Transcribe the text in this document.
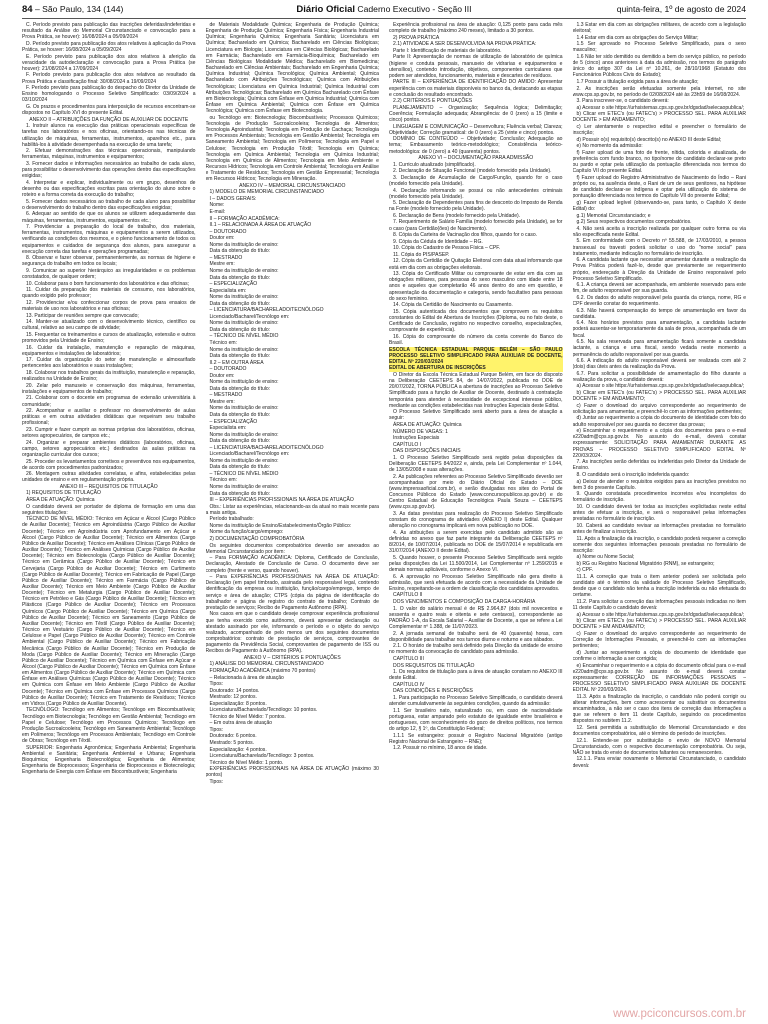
84 – São Paulo, 134 (144)	Diário Oficial Caderno Executivo - Seção III	quinta-feira, 1º de agosto de 2024

C. Período previsto para publicação das inscrições deferidas/indeferidas e resultado da Análise do Memorial Circunstanciado e convocação para a Prova Prática, se houver): 16/08/2024 a 05/09/2024

D. Período previsto para publicação dos atos relativos à aplicação da Prova Prática, se houver: 16/08/2024 a 05/09/2024

E. Período previsto para publicação dos atos relativos à aferição da veracidade da autodeclaração e convocação para a Prova Prática (se houver): 21/08/2024 a 17/09/2024

F. Período previsto para publicação dos atos relativos ao resultado da Prova Prática e classificação final: 30/08/2024 a 19/09/2024

F. Período previsto para publicação do despacho do Diretor da Unidade de Ensino homologando o Processo Seletivo Simplificado: 03/09/2024 a 03/10/2024

G. Os prazos e procedimentos para interposição de recursos encontram-se dispostos no Capítulo XVI do presente Edital.

ANEXO II – ATRIBUIÇÕES DA FUNÇÃO DE AUXILIAR DE DOCENTE

1. Instruir alunos na execução das práticas operacionais específicas de tarefas nos laboratórios e nos oficinas, orientando-os nas técnicas de utilização de máquinas, ferramentas, instrumentos, aparelhos etc., para habilitá-los à atividade desempenhada na execução de uma tarefa;

2. Efetuar demonstrações das técnicas operacionais, manipulando ferramentas, máquinas, instrumentos e equipamentos;

3. Fornecer dados e informações necessários ao trabalho de cada aluno, para possibilitar o desenvolvimento das operações dentro das especificações exigidas;

4. Interpretar e explicar, individualmente ou em grupo, desenhos de desenho ou das especificações escritas para orientação do aluno sobre o roteiro e a forma correta da execução do trabalho;

5. Fornecer dados necessários ao trabalho de cada aluno para possibilitar o desenvolvimento do trabalho dentro das especificações exigidas;

6. Adequar ao sentido de que os alunos se utilizem adequadamente das máquinas, ferramentas, instrumentos, equipamentos etc.;

7. Providenciar a preparação do local de trabalho, dos materiais, ferramentas, instrumentos, máquinas e equipamentos a serem utilizados, verificando as condições dos mesmos, e o pleno funcionamento de todos os equipamentos e cuidados de segurança dos alunos, para assegurar a execução correta das tarefas e operações programadas;

8. Observar e fazer observar, permanentemente, as normas de higiene e segurança do trabalho em todos os locais;

9. Comunicar ao superior hierárquico as irregularidades e os problemas constatados, de qualquer ordem;

10. Colaborar para o bom funcionamento dos laboratórios e das oficinas;

11. Cuidar da preparação dos materiais de consumo, nos laboratórios, quando exigido pelo professor;

12. Providenciar e/ou confeccionar corpos de prova para ensaios de materiais de uso nos laboratórios e nas oficinas;

13. Participar de reuniões sempre que convocado;

14. Manter-se atualizado com o desenvolvimento técnico, científico ou cultural, relativo ao seu campo de atividade;

15. Frequentar os treinamentos e cursos de atualização, extensão e outros promovidos pela Unidade de Ensino;

16. Cuidar da instalação, manutenção e reparação de máquinas, equipamentos e instalações de laboratórios;

17. Cuidar da organização do setor de manutenção e almoxarifado pertencentes aos laboratórios e suas instalações;

18. Colaborar nos trabalhos gerais da instituição, manutenção e reparação, realizados na Unidade de Ensino;

20. Zelar pelo manuseio e conservação dos máquinas, ferramentas, instalações e equipamentos de trabalho;

21. Colaborar com o docente em programas de extensão universitária à comunidade;

22. Acompanhar e auxiliar o professor no desenvolvimento de aulas práticas e em outras atividades didáticas que requeiram seu trabalho profissional;

23. Cumprir e fazer cumprir as normas próprias dos laboratórios, oficinas, setores agropecuários, de campos etc.;

24. Organizar e preparar ambientes didáticos (laboratórios, oficinas, campo, setores agropecuários etc.) destinados às aulas práticas na organização curricular dos cursos;

25. Proceder os levantamentos corretivos e preventivos nos equipamentos, de acordo com procedimentos padronizados;

26. Montagem outras atividades correlatas, e afins, estabelecidas pelas unidades de ensino e em regulamentação própria.

ANEXO III – REQUISITOS DE TITULAÇÃO

1) REQUISITOS DE TITULAÇÃO

ÁREA DE ATUAÇÃO: Química

O candidato deverá ser portador de diploma de formação em uma das seguintes titulações:

TÉCNICO DE NÍVEL MÉDIO: Técnico em Açúcar e Álcool (Cargo Público de Auxiliar Docente); Técnico em Agroindústria (Cargo Público de Auxiliar Docente); Técnico em Agroindústria com Aprofundamento em Açúcar e Álcool (Cargo Público de Auxiliar Docente); Técnico em Alimentos (Cargo Público de Auxiliar Docente); Técnico em Análises Clínicas (Cargo Público de Auxiliar Docente); Técnico em Análises Químicas (Cargo Público de Auxiliar Docente); Técnico em Biotecnologia (Cargo Público de Auxiliar Docente); Técnico em Cerâmica (Cargo Público de Auxiliar Docente); Técnico em Cervejaria (Cargo Público de Auxiliar Docente); Técnico em Curtimento (Cargo Público de Auxiliar Docente); Técnico em Fabricação de Papel (Cargo Público de Auxiliar Docente); Técnico em Farmácia (Cargo Público de Auxiliar Docente); Técnico em Meio Ambiente (Cargo Público de Auxiliar Docente); Técnico em Metalurgia (Cargo Público de Auxiliar Docente); Técnico em Petróleo e Gás (Cargo Público de Auxiliar Docente); Técnico em Plásticos (Cargo Público de Auxiliar Docente); Técnico em Processos Químicos (Cargo Público de Auxiliar Docente); Técnico em Química (Cargo Público de Auxiliar Docente); Técnico em Saneamento (Cargo Público de Auxiliar Docente); Técnico em Têxtil (Cargo Público de Auxiliar Docente); Técnico em Vestuário (Cargo Público de Auxiliar Docente); Técnico em Celulose e Papel (Cargo Público de Auxiliar Docente); Técnico em Controle Ambiental (Cargo Público de Auxiliar Docente); Técnico em Fabricação Mecânica (Cargo Público de Auxiliar Docente); Técnico em Produção de Moda (Cargo Público de Auxiliar Docente); Técnico em Mineração (Cargo Público de Auxiliar Docente); Técnico em Química com Ênfase em Açúcar e Álcool (Cargo Público de Auxiliar Docente); Técnico em Química com Ênfase em Alimentos (Cargo Público de Auxiliar Docente); Técnico em Química com Ênfase em Análises Químicas (Cargo Público de Auxiliar Docente); Técnico em Química com Ênfase em Meio Ambiente (Cargo Público de Auxiliar Docente); Técnico em Química com Ênfase em Processos Químicos (Cargo Público de Auxiliar Docente); Técnico em Tratamento de Resíduos; Técnico em Vidros (Cargo Público de Auxiliar Docente).

TECNÓLOGO: Tecnólogo em Alimentos; Tecnólogo em Biocombustíveis; Tecnólogo em Biotecnologia; Tecnólogo em Gestão Ambiental; Tecnólogo em Papel e Celulose; Tecnólogo em Processos Químicos; Tecnólogo em Produção Sucroalcooleira; Tecnólogo em Saneamento Ambiental; Tecnólogo em Polímeros; Tecnólogo em Processos Ambientais; Tecnólogo em Controle de Obras; Tecnólogo em Têxtil.

SUPERIOR: Engenharia Agronômica; Engenharia Ambiental; Engenharia Ambiental e Sanitária; Engenharia Ambiental e Urbana; Engenharia Bioquímica; Engenharia Biotecnológica; Engenharia de Alimentos; Engenharia de Bioprocessos; Engenharia de Bioprocessos e Biotecnologia; Engenharia de Energia com Ênfase em Biocombustíveis; Engenharia

de Materiais Modalidade Química; Engenharia de Produção Química; Engenharia de Produção Química; Engenharia Física; Engenharia Industrial Química; Engenharia Química; Engenharia Sanitária; Licenciatura em Química; Bacharelado em Química; Bacharelado em Ciências Biológicas; Licenciatura em Biologia; Licenciatura em Ciências Biológicas; Bacharelado em Farmácia; Bacharelado em Farmácia-Bioquímica; Bacharelado em Ciências Biológicas Modalidade Médica; Bacharelado em Biomedicina; Bacharelado em Ciências Ambientais; Bacharelado em Engenharia Química; Química Industrial; Química Tecnológica; Química Ambiental; Química Bacharelado com Atribuições Tecnológicas; Química com Atribuições Tecnológicas; Licenciatura em Química Industrial; Química Industrial com Atribuições Tecnológicas; Bacharelado em Química Bacharelado com Ênfase em Biotecnologia; Química com Ênfase em Química Industrial; Química com Ênfase em Química Ambiental; Química com Ênfase em Química Tecnológica; Química com Ênfase em Biotecnologia.

ou Tecnólogo em: Biotecnologia; Biocombustíveis; Processos Químicos; Tecnologia de Produção Sucroalcooleira; Tecnologia de Alimentos; Tecnologia Agroindustrial; Tecnologia em Produção de Cachaça; Tecnologia em Processos Ambientais; Tecnologia em Gestão Ambiental; Tecnologia em Saneamento Ambiental; Tecnologia em Polímeros; Tecnologia em Papel e Celulose; Tecnologia em Produção Têxtil; Tecnologia em Química; Tecnologia em Química Ambiental; Tecnologia em Química Industrial; Tecnologia em Química de Alimentos; Tecnologia em Meio Ambiente e Recursos Hídricos; Tecnologia em Controle Ambiental; Tecnologia em Análise e Tratamento de Resíduos; Tecnologia em Gestão Empresarial; Tecnologia em Recursos Hídricos; Tecnologia em Mineração.

ANEXO IV – MEMORIAL CIRCUNSTANCIADO

1) MODELO DE MEMORIAL CIRCUNSTANCIADO

I – DADOS GERAIS:

Nome:

E-mail:

II – FORMAÇÃO ACADÊMICA:

II.1 – RELACIONADA À ÁREA DE ATUAÇÃO

– DOUTORADO

Doutor em:

Nome da instituição de ensino:

Data da obtenção do título:

– MESTRADO

Mestre em:

Nome da instituição de ensino:

Data da obtenção do título:

– ESPECIALIZAÇÃO

Especialista em:

Nome da instituição de ensino:

Data da obtenção do título:

– LICENCIATURA/BACHARELADO/TECNÓLOGO

Licenciado/Bacharel/Tecnólogo em:

Nome da instituição de ensino:

Data da obtenção do título:

– TÉCNICO DE NÍVEL MÉDIO

Técnico em:

Nome da instituição de ensino:

Data da obtenção do título:

II.2 – EM OUTRA ÁREA

– DOUTORADO

Doutor em:

Nome da instituição de ensino:

Data da obtenção do título:

– MESTRADO

Mestre em:

Nome da instituição de ensino:

Data da obtenção do título:

– ESPECIALIZAÇÃO

Especialista em:

Nome da instituição de ensino:

Data da obtenção do título:

– LICENCIATURA/BACHARELADO/TECNÓLOGO

Licenciado/Bacharel/Tecnólogo em:

Nome da instituição de ensino:

Data da obtenção do título:

– TÉCNICO DE NÍVEL MÉDIO

Técnico em:

Nome da instituição de ensino:

Data da obtenção do título:

III – EXPERIÊNCIAS PROFISSIONAIS NA ÁREA DE ATUAÇÃO

Obs.: Listar as experiências, relacionando-as da atual no mais recente para a mais antiga.

Período trabalhado:

Nome da instituição de Ensino/Estabelecimento/Órgão Público:

Nome da função/cargo/emprego:

2) DOCUMENTAÇÃO COMPROBATÓRIA

Os seguintes documentos comprobatórios deverão ser anexados ao Memorial Circunstanciado por item:

– Para FORMAÇÃO ACADÊMICA: Diploma, Certificado de Conclusão, Declaração, Atestado de Conclusão de Curso. O documento deve ser completo (frente e verso, quando houver).

– Para EXPERIÊNCIAS PROFISSIONAIS NA ÁREA DE ATUAÇÃO: Declaração (em papel timbrado, assinada pelo responsável legal, contendo identificação da empresa ou instituição, função/cargo/emprego, tempo de serviço e área de atuação; CTPS (cópia da página de identificação do trabalhador e página de registro do contrato de trabalho; Contrato de prestação de serviços; Recibo de Pagamento Autônomo (RPA).

Nos casos em que o candidato deseje comprovar experiência profissional que tenha exercido como autônomo, deverá apresentar declaração ou atestado assinado por ele, informando o período e o objeto do serviço realizado, acompanhado de pelo menos um dos seguintes documentos comprobatórios: contrato de prestação de serviços, comprovantes de pagamento da Previdência Social, comprovantes de pagamento de ISS ou Recibos de Pagamento à Autônomo (RPA).

ANEXO V – CRITÉRIOS E PONTUAÇÕES

1) ANÁLISE DO MEMORIAL CIRCUNSTANCIADO

FORMAÇÃO ACADÊMICA (máximo 70 pontos)

– Relacionada à área de atuação

Tipos:

Doutorado: 14 pontos.

Mestrado: 12 pontos.

Especialização: 8 pontos.

Licenciatura/Bacharelado/Tecnólogo: 10 pontos.

Técnico de Nível Médio: 7 pontos.

– Em outra área de atuação

Tipos:

Doutorado: 6 pontos.

Mestrado: 5 pontos.

Especialização: 4 pontos.

Licenciatura/Bacharelado/Tecnólogo: 3 pontos.

Técnico de Nível Médio: 1 ponto.

EXPERIÊNCIAS PROFISSIONAIS NA ÁREA DE ATUAÇÃO (máximo 30 pontos)

Tipos:

Experiência profissional na área de atuação: 0,125 ponto para cada mês completo de trabalho (máximo 240 meses), limitado a 30 pontos.

2) PROVA PRÁTICA

2.1) ATIVIDADE A SER DESENVOLVIDA NA PROVA PRÁTICA:

Parte I: Identificação de materiais de laboratório.

Parte II: Apresentação de normas de utilização de laboratório de química (higiene e conduta pessoais, manuseio de vidrarias e equipamentos e utensílios), contendo introdução, objetivos, componentes curriculares que podem ser atendidos, funcionamento, materiais e descartes de resíduos.

PARTE III – EXPERIÊNCIA DE IDENTIFICAÇÃO DO AMIDO: Apresentar experiência com os materiais disponíveis no banco da, destacando as etapas e conclusão do resultado encontrado.

2.2) CRITÉRIOS E PONTUAÇÕES

PLANEJAMENTO – Organização; Sequência lógica; Delimitação; Coerência; Formulação adequada; Abrangência: de 0 (zero) a 15 (limite e cinco) pontos.

LINGUAGEM E COMUNICAÇÃO – Desenvoltura; Fluência verbal; Clareza; Objetividade; Correção gramatical: de 0 (zero) a 25 (vinte e cinco) pontos.

DOMÍNIO DE CONTEÚDO – Objetividade; Conclusão; Adequação ao tema; Embasamento teórico-metodológico; Consistência teórico-metodológica: de 0 (zero) a 40 (quarenta) pontos.

ANEXO VI – DOCUMENTAÇÃO PARA ADMISSÃO

1. Curriculo atualizado (simplificado).

2. Declaração de Situação Funcional (modelo fornecido pela Unidade).

3. Declaração de Acumulação de Cargo/Função, quando for o caso (modelo fornecido pela Unidade).

4. Declaração informando se possui ou não antecedentes criminais (modelo fornecido pela Unidade).

5. Declaração de Dependentes para fins de desconto do Imposto de Renda na Fonte (modelo fornecido pela Unidade).

6. Declaração de Bens (modelo fornecido pela Unidade).

7. Requerimento de Salário Família (modelo fornecido pela Unidade), se for o caso (para Certidão(ões) de Nascimento).

8. Cópia da Carteira de Vacinação dos filhos, quando for o caso.

9. Cópia da Cédula de Identidade – RG.

10. Cópia do Cadastro de Pessoa Física – CPF.

11. Cópia do PIS/PASEP.

12. Cópia da Certidão de Quitação Eleitoral com data atual informando que está em dia com as obrigações eleitorais.

13. Cópia do Certificado Militar ou comprovante de estar em dia com as obrigações militares, para pessoas do sexo masculino com idade entre 18 anos e aqueles que completarão 46 anos dentro do ano em questão, e apresentação da documentação e categoria, sendo facultativo para pessoas do sexo feminino.

14. Cópia da Certidão de Nascimento ou Casamento.

15. Cópia autenticada dos documentos que comprovem os requisitos constantes do Edital de Abertura de Inscrições (Diploma, ou no fato deste, o Certificado de Conclusão, registro no respectivo conselho, especializações, comprovante de experiência).

16. Cópia do comprovante do número da conta corrente do Banco do Brasil.

ESCOLA TÉCNICA ESTADUAL PARQUE BELÉM – SÃO PAULO PROCESSO SELETIVO SIMPLIFICADO PARA AUXILIAR DE DOCENTE, EDITAL Nº 220/03/2024

EDITAL DE ABERTURA DE INSCRIÇÕES

O Diretor da Escola Técnica Estadual Parque Belém, em face do disposto na Deliberação CEETEPS 84, de 14/07/2022, publicada no DOE de 20/07/2022, TORNA PÚBLICA a abertura de inscrições ao Processo Seletivo Simplificado para a função de Auxiliar de Docente, destinado à contratação temporária para atender à necessidade de excepcional interesse público, mediante as condições estabelecidas nas Instruções Especiais deste Edital.

O Processo Seletivo Simplificado será aberto para a área de atuação a seguir:

ÁREA DE ATUAÇÃO: Química

NÚMERO DE VAGAS: 1

Instruções Especiais

CAPÍTULO I

DAS DISPOSIÇÕES INICIAIS

1. O Processo Seletivo Simplificado será regido pelas disposições da Deliberação CEETEPS 84/2022 e, ainda, pela Lei Complementar nº 1.044, de 13/05/2008 e suas alterações.

2. As publicações referentes ao Processo Seletivo Simplificado deverão ser acompanhadas por meio do Diário Oficial do Estado – DOE (www.imprensaoficial.com.br), e serão divulgadas nos sites do Portal de Concursos Públicos do Estado (www.concursopublicos.sp.gov.br) e do Centro Estadual de Educação Tecnológica Paula Souza – CEETEPS (www.cps.sp.gov.br).

3. As datas previstas para realização do Processo Seletivo Simplificado constam do cronograma de atividades (ANEXO I) deste Edital. Qualquer alteração no cronograma implicará em nova publicação no DOE.

4. As atribuições a serem exercidas pelo candidato admitido são as definidas no anexo que faz parte integrante da Deliberação CEETEPS nº 8/2014, de 10/07/2014, publicada no DOE de 15/07/2014 e republicada em 31/07/2014 (ANEXO II deste Edital).

5. Quando houver, o presente Processo Seletivo Simplificado será regido pelas disposições da Lei 11.500/2014, Lei Complementar nº 1.259/2015 e demais normas aplicáveis, conforme o Anexo VI.

6. A aprovação no Processo Seletivo Simplificado não gera direito à admissão, que será efetuada de acordo com a necessidade da Unidade de Ensino, respeitando-se a ordem de classificação dos candidatos aprovados.

CAPÍTULO II

DOS VENCIMENTOS E COMPOSIÇÃO DA CARGA-HORÁRIA

1. O valor do salário mensal é de R$ 2.964,87 (dois mil novecentos e sessenta e quatro reais e oitenta e sete centavos), correspondente ao PADRÃO 1-A, da Escala Salarial – Auxiliar de Docente, a que se refere a Lei Complementar nº 1.388, de 11/07/2023.

2. A jornada semanal de trabalho será de 40 (quarenta) horas, com disponibilidade para trabalhar nos turnos diurno e noturno e aos sábados.

2.1. O horário de trabalho será definido pela Direção da unidade de ensino no momento da convocação do candidato para admissão.

CAPÍTULO III

DOS REQUISITOS DE TITULAÇÃO

1. Os requisitos de titulação para a área de atuação constam no ANEXO III deste Edital.

CAPÍTULO IV

DAS CONDIÇÕES E INSCRIÇÕES

1. Para participação no Processo Seletivo Simplificado, o candidato deverá atender cumulativamente às seguintes condições, quando da admissão:

1.1 Ser brasileiro nato, naturalizado ou, em caso de nacionalidade portuguesa, estar amparado pelo estatuto de igualdade entre brasileiros e portugueses, com reconhecimento do gozo de direitos políticos, nos termos do artigo 12, § 1º, da Constituição Federal;

1.1.1 Se estrangeiro: possuir o Registro Nacional Migratório (antigo Registro Nacional de Estrangeiro – RNE);

1.2. Possuir no mínimo, 18 anos de idade.

1.3 Estar em dia com as obrigações militares, de acordo com a legislação eleitoral;

1.4 Estar em dia com as obrigações do Serviço Militar;

1.5 Ser aprovado no Processo Seletivo Simplificado, para o sexo masculino;

1.6 Não ter sido demitido ou demitido a bem do serviço público, no período de 5 (cinco) anos anteriores à data da admissão, nos termos do parágrafo único do artigo 307 da Lei nº 10.261, de 28/10/1968 (Estatuto dos Funcionários Públicos Civis do Estado);

1.7 Possuir a titulação exigida para a área de atuação;

2. As inscrições serão efetuadas somente pela internet, no site www.cps.sp.gov.br, no período de 02/08/2024 até às 23h59 de 16/08/2024.

3. Para inscrever-se, o candidato deverá:

a) Acessar o site https://urhsistemas.cps.sp.gov.br/dgsdad/selecaopublica/;

b) Clicar em ETEC's (ou FATEC's) > PROCESSO SEL. PARA AUXILIAR DOCENTE > EM ANDAMENTO;

c) Ler atentamente o respectivo edital e preencher o formulário de inscrição;

d) Possuir o(s) requisito(s) descrito(s) no ANEXO III deste Edital;

e) No momento da admissão:

f) Fazer upload de uma foto de frente, nítida, colorida e atualizada, de preferência com fundo branco, no tipo/nome do candidato declarar-se preto ou pardo e optar pela utilização da pontuação diferenciada nos termos do Capítulo VII do presente Edital.

f) Fazer upload do Registro Administrativo de Nascimento do Índio – Rani próprio ou, na ausência deste, o Rani de um de seus genitores, na hipótese de candidato declarar-se indígena e optar pela utilização do sistema de pontuação diferenciada nos termos do Capítulo VII do presente Edital;

g) Fazer upload legível (observando-se, para tanto, o Capítulo X deste Edital) do:

g.1) Memorial Circunstanciado; e

g.2) Seus respectivos documentos comprobatórios.

4. Não será aceita a inscrição realizada por qualquer outro forma ou via não especificada neste Edital.

5. Em conformidade com o Decreto nº 55.588, de 17/03/2010, a pessoa transexual ou travesti poderá solicitar o uso do "nome social" para tratamento, mediante indicação no formulário de inscrição.

6. A candidata lactante que necessitar amamentar durante a realização da Prova Prática poderá fazê-lo, desde que previamente se requerimento próprio, endereçado à Direção da Unidade de Ensino responsável pelo Processo Seletivo Simplificado.

6.1. A criança deverá ser acompanhada, em ambiente reservado para este fim, de adulto responsável por sua guarda.

6.2. Os dados do adulto responsável pela guarda da criança, nome, RG e CPF deverão constar do requerimento.

6.3. Não haverá compensação do tempo de amamentação em favor da candidata.

6.4. Nos horários previstos para amamentação, a candidata lactante poderá ausentar-se temporariamente da sala de prova, acompanhada de um fiscal.

6.5. Na sala reservada para amamentação ficará somente a candidata lactante, a criança e uma fiscal, sendo vedada neste momento a permanência do adulto responsável por sua guarda.

6.6. A indicação do adulto responsável deverá ser realizada com até 2 (dois) dias úteis antes da realização da Prova.

6.7. Para solicitar a possibilidade de amamentação do filho durante a realização da prova, o candidato deverá:

a) Acessar o site https://urhsistemas.cps.sp.gov.br/dgsdad/selecaopublica/;

b) Clicar em ETEC's (ou FATEC's) > PROCESSO SEL. PARA AUXILIAR DOCENTE > EM ANDAMENTO;

c) Fazer o download do arquivo correspondente ao requerimento de solicitação para amamentar, e preenchê-lo com as informações pertinentes;

d) Juntar ao requerimento a cópia do documento de identidade com foto do adulto responsável por seu guarda no decorrer das provas;

e) Encaminhar o requerimento e a cópia dos documentos para o e-mail e220adm@cps.sp.gov.br. No assunto do e-mail, deverá constar expressamente: SOLICITAÇÃO PARA AMAMENTAR DURANTE AS PROVAS – PROCESSO SELETIVO SIMPLIFICADO EDITAL Nº 220/03/2024.

7. As inscrições serão deferidas ou indeferidas pelo Diretor da Unidade de Ensino.

8. O candidato será o inscrição indeferida quando:

a) Deixar de atender o requisitos exigidos para as inscrições previstos no item 3 do presente Capítulo.

9. Quando constatada procedimentos incorretos e/ou incompletos do formulário de inscrição.

10. O candidato deverá ter todas as inscrições explicitadas neste edital antes de efetuar a inscrição, e será o responsável pelas informações prestadas no formulário de inscrição.

10. Caberá ao candidato revisar as informações prestadas no formulário antes de finalizar a inscrição.

11. Após a finalização da inscrição, o candidato poderá requerer a correção somente dos seguintes informações pessoais prestadas no formulário de inscrição:

a) Nome ou Nome Social;

b) RG ou Registro Nacional Migratório (RNM), se estrangeiro;

c) CPF.

11.1. A correção que trata o item anterior poderá ser solicitada pelo candidato até o término da validade do Processo Seletivo Simplificado, desde que o candidato não tenha a inscrição indeferida ou não efetuada do certame.

11.2. Para solicitar a correção das informações pessoais indicadas no item 11 deste Capítulo o candidato deverá:

a) Acessar o site https://urhsistemas.cps.sp.gov.br/dgsdad/selecaopublica/;

b) Clicar em ETEC's (ou FATEC's) > PROCESSO SEL. PARA AUXILIAR DOCENTE > EM ANDAMENTO;

c) Fazer o download do arquivo correspondente ao requerimento de Correção de Informações Pessoais, e preenchê-lo com as informações pertinentes;

d) Juntar ao requerimento a cópia do documento de identidade que confirme o informação a ser corrigida;

e) Encaminhar o requerimento e a cópia do documento oficial para o e-mail e220adm@cps.sp.gov.br. No assunto do e-mail deverá constar expressamente: CORREÇÃO DE INFORMAÇÕES PESSOAIS – PROCESSO SELETIVO SIMPLIFICADO PARA AUXILIAR DE DOCENTE EDITAL Nº 220/03/2024.

11.3. Após a finalização da inscrição, o candidato não poderá corrigir ou alterar informações, bem como acrescentar ou substituir os documentos encaminhados, a não ser o caso dos itens de correção das informações a que se referem o item 11 deste Capítulo, seguindo os procedimentos dispostos no subitem 11.2.

12. Será permitida a substituição do Memorial Circunstanciado e dos documentos comprobatórios, até o término do período de inscrições.

12.1. Entende-se por substituição o envio de NOVO Memorial Circunstanciado, com o respectivo documentação comprobatória. Ou seja, NÃO se trata do envio de documentos faltantes ou remanescentes.

12.1.1. Para enviar novamente o Memorial Circunstanciado, o candidato deverá:

www.pciconcursos.com.br
